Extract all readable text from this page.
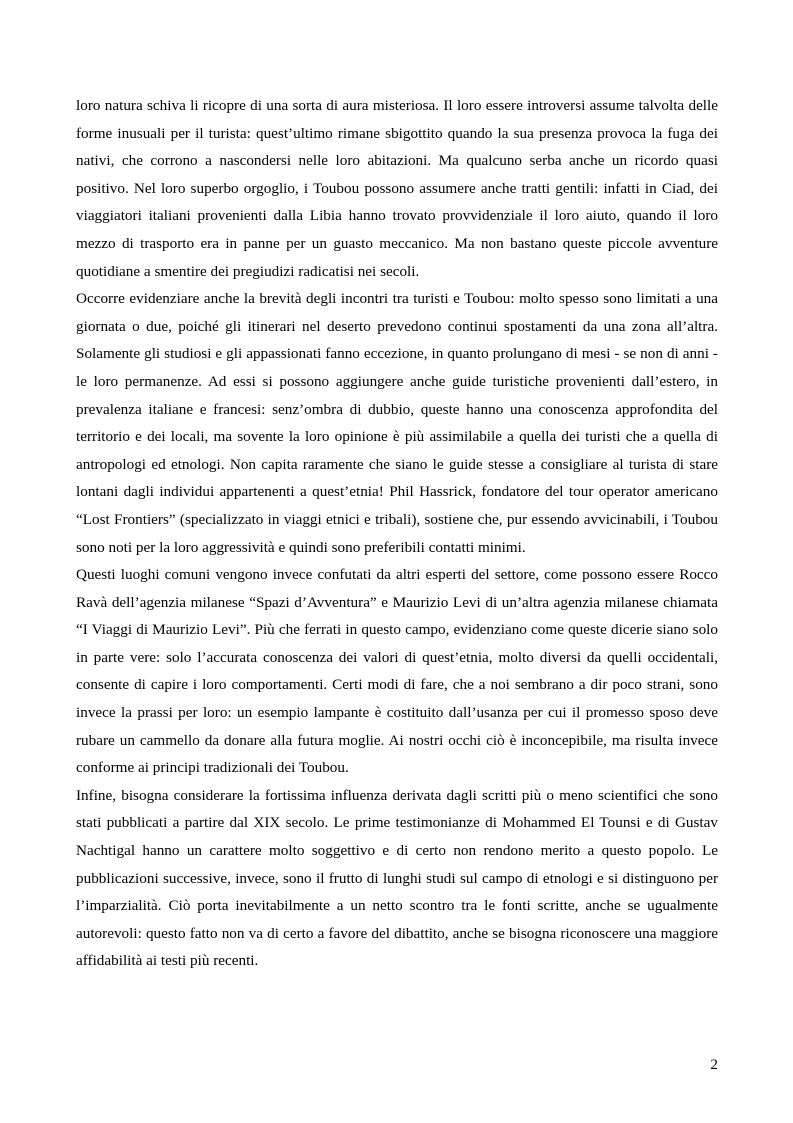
loro natura schiva li ricopre di una sorta di aura misteriosa. Il loro essere introversi assume talvolta delle forme inusuali per il turista: quest’ultimo rimane sbigottito quando la sua presenza provoca la fuga dei nativi, che corrono a nascondersi nelle loro abitazioni. Ma qualcuno serba anche un ricordo quasi positivo. Nel loro superbo orgoglio, i Toubou possono assumere anche tratti gentili: infatti in Ciad, dei viaggiatori italiani provenienti dalla Libia hanno trovato provvidenziale il loro aiuto, quando il loro mezzo di trasporto era in panne per un guasto meccanico. Ma non bastano queste piccole avventure quotidiane a smentire dei pregiudizi radicatisi nei secoli.

Occorre evidenziare anche la brevità degli incontri tra turisti e Toubou: molto spesso sono limitati a una giornata o due, poiché gli itinerari nel deserto prevedono continui spostamenti da una zona all’altra. Solamente gli studiosi e gli appassionati fanno eccezione, in quanto prolungano di mesi - se non di anni - le loro permanenze. Ad essi si possono aggiungere anche guide turistiche provenienti dall’estero, in prevalenza italiane e francesi: senz’ombra di dubbio, queste hanno una conoscenza approfondita del territorio e dei locali, ma sovente la loro opinione è più assimilabile a quella dei turisti che a quella di antropologi ed etnologi. Non capita raramente che siano le guide stesse a consigliare al turista di stare lontani dagli individui appartenenti a quest’etnia! Phil Hassrick, fondatore del tour operator americano “Lost Frontiers” (specializzato in viaggi etnici e tribali), sostiene che, pur essendo avvicinabili, i Toubou sono noti per la loro aggressività e quindi sono preferibili contatti minimi.

Questi luoghi comuni vengono invece confutati da altri esperti del settore, come possono essere Rocco Ravà dell’agenzia milanese “Spazi d’Avventura” e Maurizio Levi di un’altra agenzia milanese chiamata “I Viaggi di Maurizio Levi”. Più che ferrati in questo campo, evidenziano come queste dicerie siano solo in parte vere: solo l’accurata conoscenza dei valori di quest’etnia, molto diversi da quelli occidentali, consente di capire i loro comportamenti. Certi modi di fare, che a noi sembrano a dir poco strani, sono invece la prassi per loro: un esempio lampante è costituito dall’usanza per cui il promesso sposo deve rubare un cammello da donare alla futura moglie. Ai nostri occhi ciò è inconcepibile, ma risulta invece conforme ai principi tradizionali dei Toubou.

Infine, bisogna considerare la fortissima influenza derivata dagli scritti più o meno scientifici che sono stati pubblicati a partire dal XIX secolo. Le prime testimonianze di Mohammed El Tounsi e di Gustav Nachtigal hanno un carattere molto soggettivo e di certo non rendono merito a questo popolo. Le pubblicazioni successive, invece, sono il frutto di lunghi studi sul campo di etnologi e si distinguono per l’imparzialità. Ciò porta inevitabilmente a un netto scontro tra le fonti scritte, anche se ugualmente autorevoli: questo fatto non va di certo a favore del dibattito, anche se bisogna riconoscere una maggiore affidabilità ai testi più recenti.

2
